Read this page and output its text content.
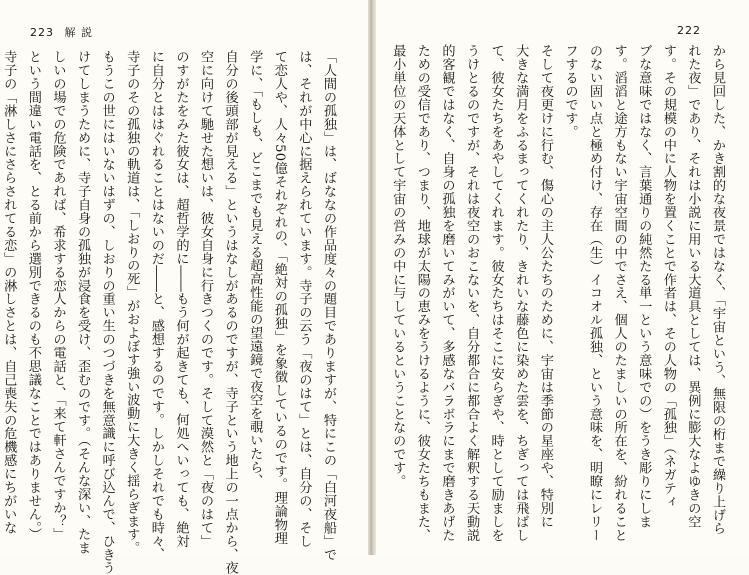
222
から見回した、かき割的な夜景ではなく、「宇宙という、無限の桁まで繰り上げら
れた夜」であり、それは小説に用いる大道具としては、異例に膨大なよゆきの空
す。その規模の中に人物を置くことで作者は、その人物の「孤独」（ネガティ
ブな意味ではなく、言葉通りの純然たる単一という意味での）をうき彫りにしま
す。滔滔と途方もない宇宙空間の中でさえ、個人のたましいの所在を、紛れること
のない固い点と極め付け、存在（生）イコオル孤独、という意味を、明瞭にレリー
フするのです。
そして夜更けに行む、傷心の主人公たちのために、宇宙は季節の星座や、特別に
大きな満月をふるまってくれたり、きれいな藤色に染めた雲を、ちぎっては飛ばし
て、彼女たちをあやしてくれます。彼女たちはそこに安らぎや、時として励ましを
うけとるのですが、それは夜空のおこないを、自分都合に都合よく解釈する天動説
的客観ではなく、自身の孤独を磨いてみがいて、多感なバラボラにまで磨きあげた
ための受信であり、つまり、地球が太陽の恵みをうけるように、彼女たちもまた、
最小単位の天体として宇宙の営みの中に与しているということなのです。
223 解 説
「人間の孤独」は、ばななの作品度々の題目でありますが、特にこの「白河夜船」で
は、それが中心に据えられています。寺子の云う「夜のはて」とは、自分の、そし
て恋人や、人々50億それぞれの、「絶対の孤独」を象徴しているのです。理論物理
学に、「もしも、どこまでも見える超高性能の望遠鏡で夜空を覗いたら、
自分の後頭部が見える」というはなしがあるのですが、寺子という地上の一点から、夜
空に向けて馳せた想いは、彼女自身に行きつくのです。そして漠然と「夜のはて」
のすがたをみた彼女は、超哲学的に――もう何が起きても、何処へいっても、絶対
に自分とははぐれることはないのだ――と、感想するのです。しかしそれでも時々、
寺子のその孤独の軌道は、「しおりの死」がおよぼす強い波動に大きく揺らぎます。
もうこの世にはいないはずの、しおりの重い生のつづきを無意識に呼び込んで、ひきう
けてしまうために、寺子自身の孤独が浸食を受け、歪むのです。（そんな深い、たま
しいの場での危険であれば、希求する恋人からの電話と、「来て軒さんですか？」
という間違い電話を、とる前から選別できるのも不思議なことではありません。）
寺子の「淋しさにさらされてる恋」の淋しさとは、自己喪失の危機感にちがいな
